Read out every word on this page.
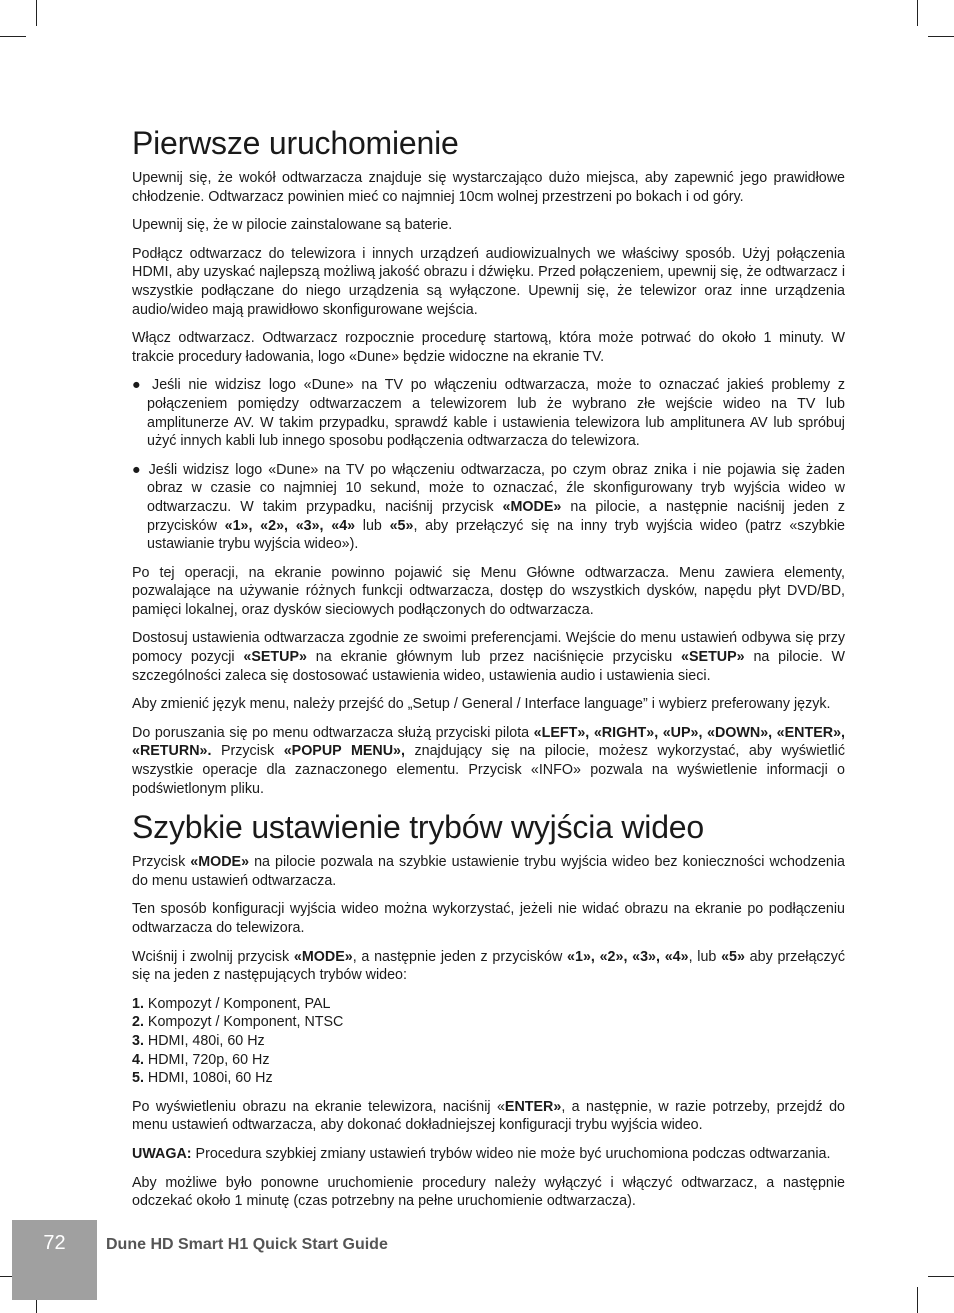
Pierwsze uruchomienie

Upewnij się, że wokół odtwarzacza znajduje się wystarczająco dużo miejsca, aby zapewnić jego prawidłowe chłodzenie. Odtwarzacz powinien mieć co najmniej 10cm wolnej przestrzeni po bokach i od góry.

Upewnij się, że w pilocie zainstalowane są baterie.

Podłącz odtwarzacz do telewizora i innych urządzeń audiowizualnych we właściwy sposób. Użyj połączenia HDMI, aby uzyskać najlepszą możliwą jakość obrazu i dźwięku. Przed połączeniem, upewnij się, że odtwarzacz i wszystkie podłączane do niego urządzenia są wyłączone. Upewnij się, że telewizor oraz inne urządzenia audio/wideo mają prawidłowo skonfigurowane wejścia.

Włącz odtwarzacz. Odtwarzacz rozpocznie procedurę startową, która może potrwać do około 1 minuty. W trakcie procedury ładowania, logo «Dune» będzie widoczne na ekranie TV.

● Jeśli nie widzisz logo «Dune» na TV po włączeniu odtwarzacza, może to oznaczać jakieś problemy z połączeniem pomiędzy odtwarzaczem a telewizorem lub że wybrano złe wejście wideo na TV lub amplitunerze AV. W takim przypadku, sprawdź kable i ustawienia telewizora lub amplitunera AV lub spróbuj użyć innych kabli lub innego sposobu podłączenia odtwarzacza do telewizora.

● Jeśli widzisz logo «Dune» na TV po włączeniu odtwarzacza, po czym obraz znika i nie pojawia się żaden obraz w czasie co najmniej 10 sekund, może to oznaczać, źle skonfigurowany tryb wyjścia wideo w odtwarzaczu. W takim przypadku, naciśnij przycisk «MODE» na pilocie, a następnie naciśnij jeden z przycisków «1», «2», «3», «4» lub «5», aby przełączyć się na inny tryb wyjścia wideo (patrz «szybkie ustawianie trybu wyjścia wideo»).

Po tej operacji, na ekranie powinno pojawić się Menu Główne odtwarzacza. Menu zawiera elementy, pozwalające na używanie różnych funkcji odtwarzacza, dostęp do wszystkich dysków, napędu płyt DVD/BD, pamięci lokalnej, oraz dysków sieciowych podłączonych do odtwarzacza.

Dostosuj ustawienia odtwarzacza zgodnie ze swoimi preferencjami. Wejście do menu ustawień odbywa się przy pomocy pozycji «SETUP» na ekranie głównym lub przez naciśnięcie przycisku «SETUP» na pilocie. W szczególności zaleca się dostosować ustawienia wideo, ustawienia audio i ustawienia sieci.

Aby zmienić język menu, należy przejść do „Setup / General / Interface language” i wybierz preferowany język.

Do poruszania się po menu odtwarzacza służą przyciski pilota «LEFT», «RIGHT», «UP», «DOWN», «ENTER», «RETURN». Przycisk «POPUP MENU», znajdujący się na pilocie, możesz wykorzystać, aby wyświetlić wszystkie operacje dla zaznaczonego elementu. Przycisk «INFO» pozwala na wyświetlenie informacji o podświetlonym pliku.

Szybkie ustawienie trybów wyjścia wideo

Przycisk «MODE» na pilocie pozwala na szybkie ustawienie trybu wyjścia wideo bez konieczności wchodzenia do menu ustawień odtwarzacza.

Ten sposób konfiguracji wyjścia wideo można wykorzystać, jeżeli nie widać obrazu na ekranie po podłączeniu odtwarzacza do telewizora.

Wciśnij i zwolnij przycisk «MODE», a następnie jeden z przycisków «1», «2», «3», «4», lub «5» aby przełączyć się na jeden z następujących trybów wideo:

1. Kompozyt / Komponent, PAL
2. Kompozyt / Komponent, NTSC
3. HDMI, 480i, 60 Hz
4. HDMI, 720p, 60 Hz
5. HDMI, 1080i, 60 Hz

Po wyświetleniu obrazu na ekranie telewizora, naciśnij «ENTER», a następnie, w razie potrzeby, przejdź do menu ustawień odtwarzacza, aby dokonać dokładniejszej konfiguracji trybu wyjścia wideo.

UWAGA: Procedura szybkiej zmiany ustawień trybów wideo nie może być uruchomiona podczas odtwarzania.

Aby możliwe było ponowne uruchomienie procedury należy wyłączyć i włączyć odtwarzacz, a następnie odczekać około 1 minutę (czas potrzebny na pełne uruchomienie odtwarzacza).

72	Dune HD Smart H1 Quick Start Guide
